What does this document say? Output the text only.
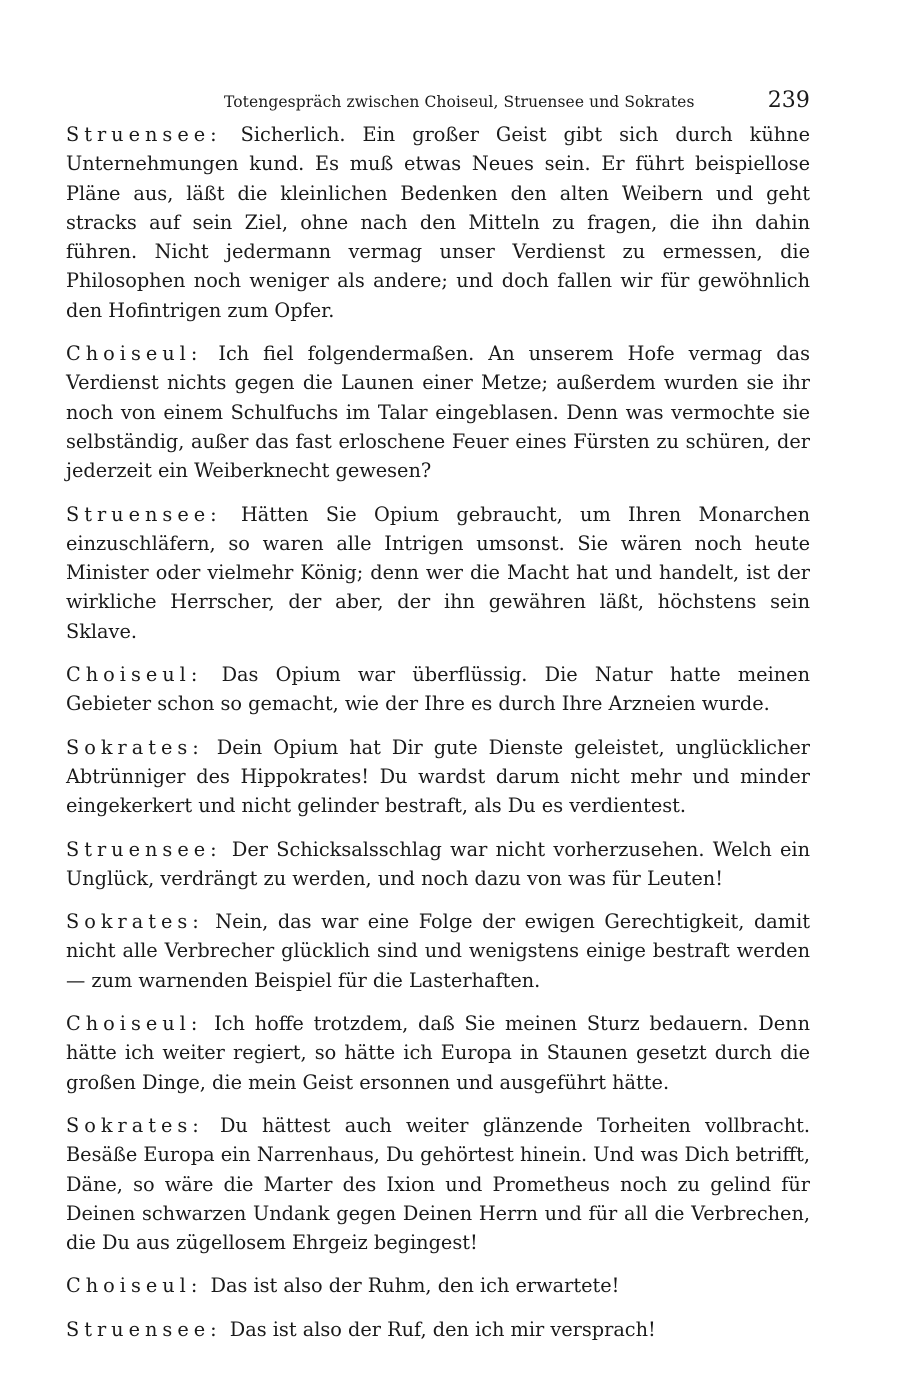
Totengespräch zwischen Choiseul, Struensee und Sokrates	239

Struensee: Sicherlich. Ein großer Geist gibt sich durch kühne Unternehmungen kund. Es muß etwas Neues sein. Er führt beispiellose Pläne aus, läßt die kleinlichen Bedenken den alten Weibern und geht stracks auf sein Ziel, ohne nach den Mitteln zu fragen, die ihn dahin führen. Nicht jedermann vermag unser Verdienst zu ermessen, die Philosophen noch weniger als andere; und doch fallen wir für gewöhnlich den Hofintrigen zum Opfer.

Choiseul: Ich fiel folgendermaßen. An unserem Hofe vermag das Verdienst nichts gegen die Launen einer Metze; außerdem wurden sie ihr noch von einem Schulfuchs im Talar eingeblasen. Denn was vermochte sie selbständig, außer das fast erloschene Feuer eines Fürsten zu schüren, der jederzeit ein Weiberknecht gewesen?

Struensee: Hätten Sie Opium gebraucht, um Ihren Monarchen einzuschläfern, so waren alle Intrigen umsonst. Sie wären noch heute Minister oder vielmehr König; denn wer die Macht hat und handelt, ist der wirkliche Herrscher, der aber, der ihn gewähren läßt, höchstens sein Sklave.

Choiseul: Das Opium war überflüssig. Die Natur hatte meinen Gebieter schon so gemacht, wie der Ihre es durch Ihre Arzneien wurde.

Sokrates: Dein Opium hat Dir gute Dienste geleistet, unglücklicher Abtrünniger des Hippokrates! Du wardst darum nicht mehr und minder eingekerkert und nicht gelinder bestraft, als Du es verdientest.

Struensee: Der Schicksalsschlag war nicht vorherzusehen. Welch ein Unglück, verdrängt zu werden, und noch dazu von was für Leuten!

Sokrates: Nein, das war eine Folge der ewigen Gerechtigkeit, damit nicht alle Verbrecher glücklich sind und wenigstens einige bestraft werden — zum warnenden Beispiel für die Lasterhaften.

Choiseul: Ich hoffe trotzdem, daß Sie meinen Sturz bedauern. Denn hätte ich weiter regiert, so hätte ich Europa in Staunen gesetzt durch die großen Dinge, die mein Geist ersonnen und ausgeführt hätte.

Sokrates: Du hättest auch weiter glänzende Torheiten vollbracht. Besäße Europa ein Narrenhaus, Du gehörtest hinein. Und was Dich betrifft, Däne, so wäre die Marter des Ixion und Prometheus noch zu gelind für Deinen schwarzen Undank gegen Deinen Herrn und für all die Verbrechen, die Du aus zügellosem Ehrgeiz begingest!

Choiseul: Das ist also der Ruhm, den ich erwartete!

Struensee: Das ist also der Ruf, den ich mir versprach!
